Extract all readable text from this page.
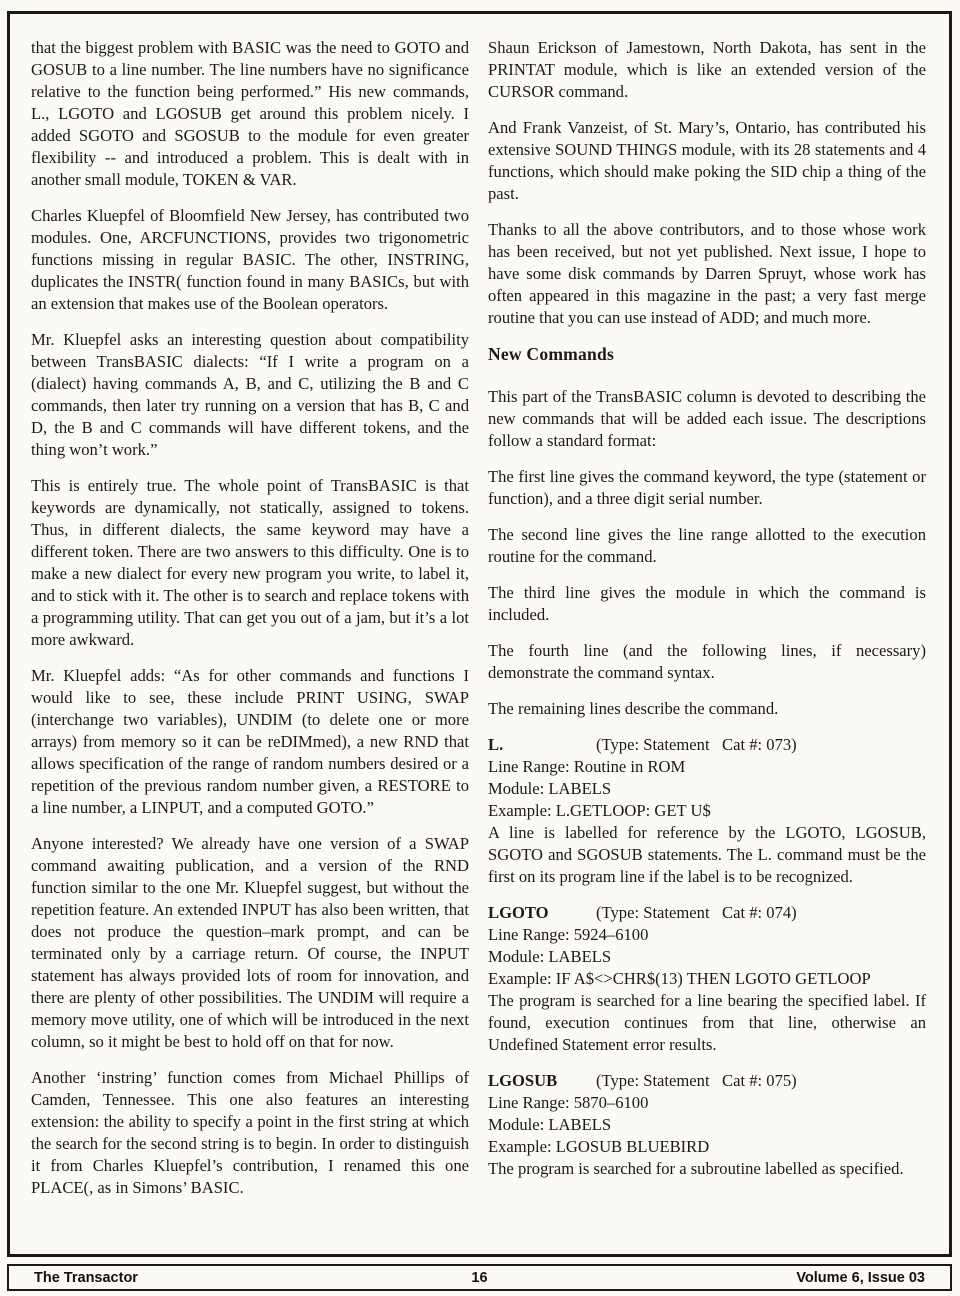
that the biggest problem with BASIC was the need to GOTO and GOSUB to a line number. The line numbers have no significance relative to the function being performed.” His new commands, L., LGOTO and LGOSUB get around this problem nicely. I added SGOTO and SGOSUB to the module for even greater flexibility -- and introduced a problem. This is dealt with in another small module, TOKEN & VAR.

Charles Kluepfel of Bloomfield New Jersey, has contributed two modules. One, ARCFUNCTIONS, provides two trigonometric functions missing in regular BASIC. The other, INSTRING, duplicates the INSTR( function found in many BASICs, but with an extension that makes use of the Boolean operators.

Mr. Kluepfel asks an interesting question about compatibility between TransBASIC dialects: “If I write a program on a (dialect) having commands A, B, and C, utilizing the B and C commands, then later try running on a version that has B, C and D, the B and C commands will have different tokens, and the thing won’t work.”

This is entirely true. The whole point of TransBASIC is that keywords are dynamically, not statically, assigned to tokens. Thus, in different dialects, the same keyword may have a different token. There are two answers to this difficulty. One is to make a new dialect for every new program you write, to label it, and to stick with it. The other is to search and replace tokens with a programming utility. That can get you out of a jam, but it’s a lot more awkward.

Mr. Kluepfel adds: “As for other commands and functions I would like to see, these include PRINT USING, SWAP (interchange two variables), UNDIM (to delete one or more arrays) from memory so it can be reDIMmed), a new RND that allows specification of the range of random numbers desired or a repetition of the previous random number given, a RESTORE to a line number, a LINPUT, and a computed GOTO.”

Anyone interested? We already have one version of a SWAP command awaiting publication, and a version of the RND function similar to the one Mr. Kluepfel suggest, but without the repetition feature. An extended INPUT has also been written, that does not produce the question–mark prompt, and can be terminated only by a carriage return. Of course, the INPUT statement has always provided lots of room for innovation, and there are plenty of other possibilities. The UNDIM will require a memory move utility, one of which will be introduced in the next column, so it might be best to hold off on that for now.

Another ‘instring’ function comes from Michael Phillips of Camden, Tennessee. This one also features an interesting extension: the ability to specify a point in the first string at which the search for the second string is to begin. In order to distinguish it from Charles Kluepfel’s contribution, I renamed this one PLACE(, as in Simons’ BASIC.

Shaun Erickson of Jamestown, North Dakota, has sent in the PRINTAT module, which is like an extended version of the CURSOR command.

And Frank Vanzeist, of St. Mary’s, Ontario, has contributed his extensive SOUND THINGS module, with its 28 statements and 4 functions, which should make poking the SID chip a thing of the past.

Thanks to all the above contributors, and to those whose work has been received, but not yet published. Next issue, I hope to have some disk commands by Darren Spruyt, whose work has often appeared in this magazine in the past; a very fast merge routine that you can use instead of ADD; and much more.

New Commands

This part of the TransBASIC column is devoted to describing the new commands that will be added each issue. The descriptions follow a standard format:

The first line gives the command keyword, the type (statement or function), and a three digit serial number.

The second line gives the line range allotted to the execution routine for the command.

The third line gives the module in which the command is included.

The fourth line (and the following lines, if necessary) demonstrate the command syntax.

The remaining lines describe the command.

L.	(Type: Statement   Cat #: 073)
Line Range: Routine in ROM
Module: LABELS
Example: L.GETLOOP: GET U$

A line is labelled for reference by the LGOTO, LGOSUB, SGOTO and SGOSUB statements. The L. command must be the first on its program line if the label is to be recognized.

LGOTO	(Type: Statement   Cat #: 074)
Line Range: 5924–6100
Module: LABELS
Example: IF A$<>CHR$(13) THEN LGOTO GETLOOP

The program is searched for a line bearing the specified label. If found, execution continues from that line, otherwise an Undefined Statement error results.

LGOSUB	(Type: Statement   Cat #: 075)
Line Range: 5870–6100
Module: LABELS
Example: LGOSUB BLUEBIRD

The program is searched for a subroutine labelled as specified.

The Transactor	16	Volume 6, Issue 03
